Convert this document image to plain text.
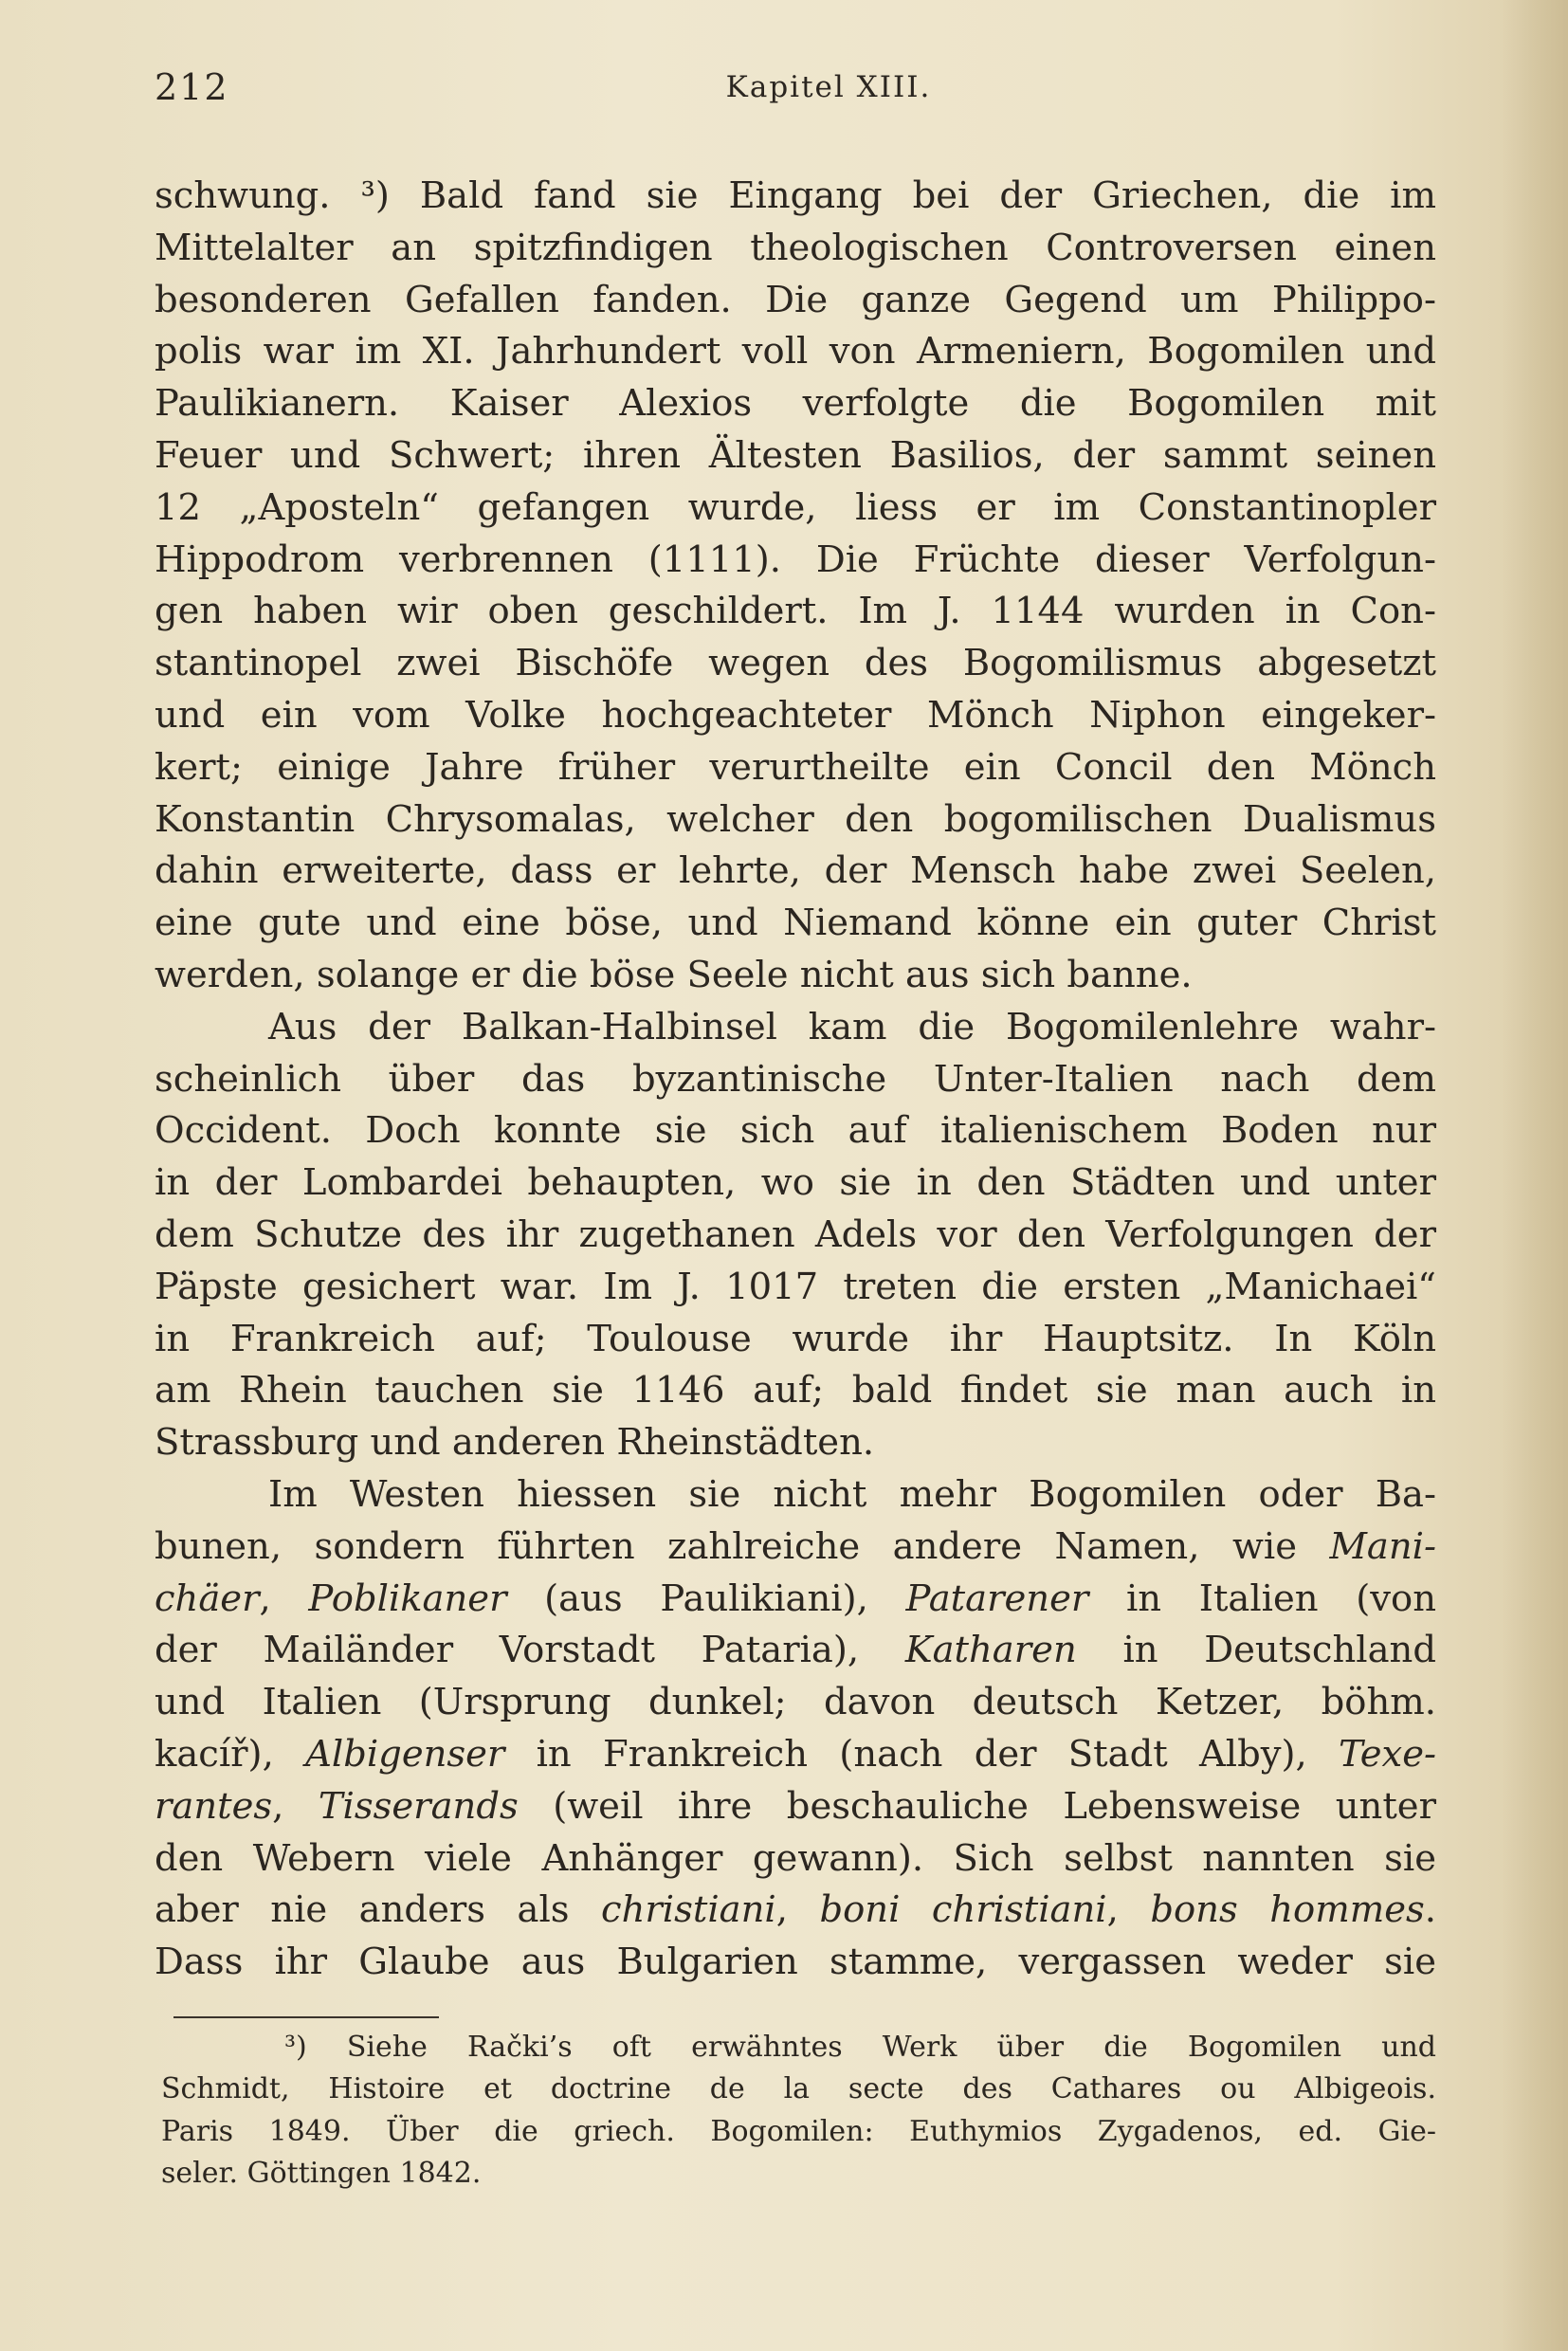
212	Kapitel XIII.
schwung. ³) Bald fand sie Eingang bei der Griechen, die im
Mittelalter an spitzfindigen theologischen Controversen einen
besonderen Gefallen fanden. Die ganze Gegend um Philippo-
polis war im XI. Jahrhundert voll von Armeniern, Bogomilen und
Paulikianern. Kaiser Alexios verfolgte die Bogomilen mit
Feuer und Schwert; ihren Ältesten Basilios, der sammt seinen
12 „Aposteln“ gefangen wurde, liess er im Constantinopler
Hippodrom verbrennen (1111). Die Früchte dieser Verfolgun-
gen haben wir oben geschildert. Im J. 1144 wurden in Con-
stantinopel zwei Bischöfe wegen des Bogomilismus abgesetzt
und ein vom Volke hochgeachteter Mönch Niphon eingeker-
kert; einige Jahre früher verurtheilte ein Concil den Mönch
Konstantin Chrysomalas, welcher den bogomilischen Dualismus
dahin erweiterte, dass er lehrte, der Mensch habe zwei Seelen,
eine gute und eine böse, und Niemand könne ein guter Christ
werden, solange er die böse Seele nicht aus sich banne.
Aus der Balkan-Halbinsel kam die Bogomilenlehre wahr-
scheinlich über das byzantinische Unter-Italien nach dem
Occident. Doch konnte sie sich auf italienischem Boden nur
in der Lombardei behaupten, wo sie in den Städten und unter
dem Schutze des ihr zugethanen Adels vor den Verfolgungen der
Päpste gesichert war. Im J. 1017 treten die ersten „Manichaei“
in Frankreich auf; Toulouse wurde ihr Hauptsitz. In Köln
am Rhein tauchen sie 1146 auf; bald findet sie man auch in
Strassburg und anderen Rheinstädten.
Im Westen hiessen sie nicht mehr Bogomilen oder Ba-
bunen, sondern führten zahlreiche andere Namen, wie Mani-
chäer, Poblikaner (aus Paulikiani), Patarener in Italien (von
der Mailänder Vorstadt Pataria), Katharen in Deutschland
und Italien (Ursprung dunkel; davon deutsch Ketzer, böhm.
kacíř), Albigenser in Frankreich (nach der Stadt Alby), Texe-
rantes, Tisserands (weil ihre beschauliche Lebensweise unter
den Webern viele Anhänger gewann). Sich selbst nannten sie
aber nie anders als christiani, boni christiani, bons hommes.
Dass ihr Glaube aus Bulgarien stamme, vergassen weder sie
³) Siehe Rački’s oft erwähntes Werk über die Bogomilen und
Schmidt, Histoire et doctrine de la secte des Cathares ou Albigeois.
Paris 1849. Über die griech. Bogomilen: Euthymios Zygadenos, ed. Gie-
seler. Göttingen 1842.
